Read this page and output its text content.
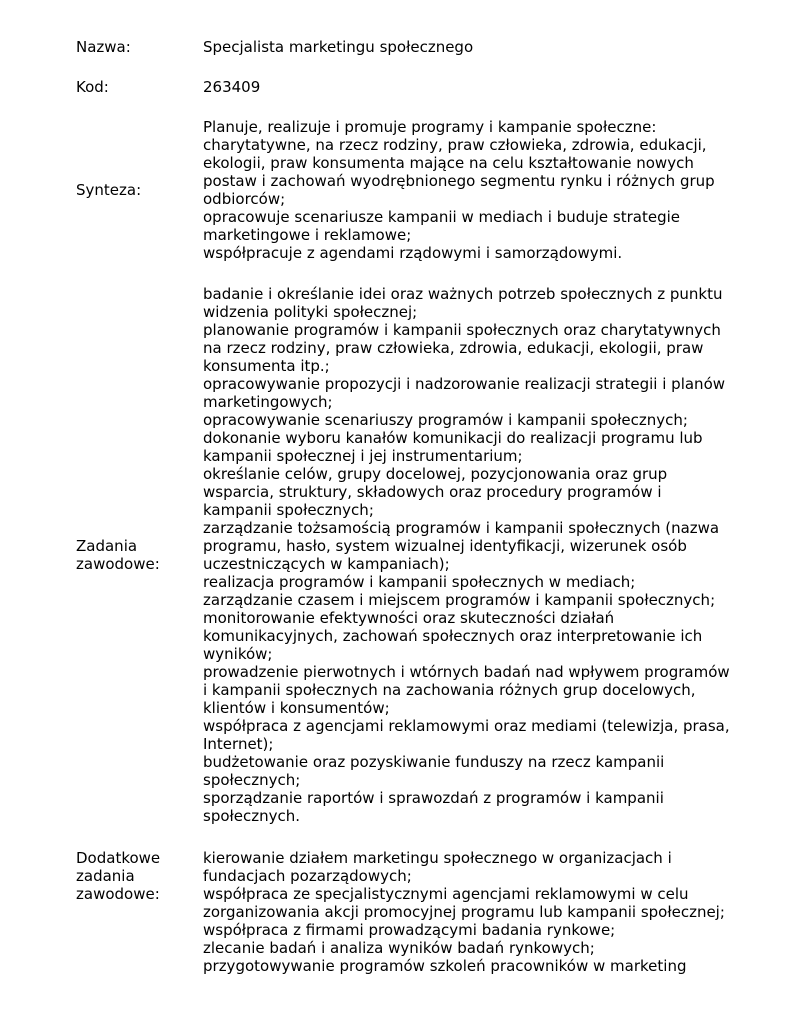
Nazwa:	Specjalista marketingu społecznego
Kod:	263409
Synteza:
Planuje, realizuje i promuje programy i kampanie społeczne:
charytatywne, na rzecz rodziny, praw człowieka, zdrowia, edukacji,
ekologii, praw konsumenta mające na celu kształtowanie nowych
postaw i zachowań wyodrębnionego segmentu rynku i różnych grup
odbiorców;
opracowuje scenariusze kampanii w mediach i buduje strategie
marketingowe i reklamowe;
współpracuje z agendami rządowymi i samorządowymi.
Zadania
zawodowe:
badanie i określanie idei oraz ważnych potrzeb społecznych z punktu
widzenia polityki społecznej;
planowanie programów i kampanii społecznych oraz charytatywnych
na rzecz rodziny, praw człowieka, zdrowia, edukacji, ekologii, praw
konsumenta itp.;
opracowywanie propozycji i nadzorowanie realizacji strategii i planów
marketingowych;
opracowywanie scenariuszy programów i kampanii społecznych;
dokonanie wyboru kanałów komunikacji do realizacji programu lub
kampanii społecznej i jej instrumentarium;
określanie celów, grupy docelowej, pozycjonowania oraz grup
wsparcia, struktury, składowych oraz procedury programów i
kampanii społecznych;
zarządzanie tożsamością programów i kampanii społecznych (nazwa
programu, hasło, system wizualnej identyfikacji, wizerunek osób
uczestniczących w kampaniach);
realizacja programów i kampanii społecznych w mediach;
zarządzanie czasem i miejscem programów i kampanii społecznych;
monitorowanie efektywności oraz skuteczności działań
komunikacyjnych, zachowań społecznych oraz interpretowanie ich
wyników;
prowadzenie pierwotnych i wtórnych badań nad wpływem programów
i kampanii społecznych na zachowania różnych grup docelowych,
klientów i konsumentów;
współpraca z agencjami reklamowymi oraz mediami (telewizja, prasa,
Internet);
budżetowanie oraz pozyskiwanie funduszy na rzecz kampanii
społecznych;
sporządzanie raportów i sprawozdań z programów i kampanii
społecznych.
Dodatkowe
zadania
zawodowe:
kierowanie działem marketingu społecznego w organizacjach i
fundacjach pozarządowych;
współpraca ze specjalistycznymi agencjami reklamowymi w celu
zorganizowania akcji promocyjnej programu lub kampanii społecznej;
współpraca z firmami prowadzącymi badania rynkowe;
zlecanie badań i analiza wyników badań rynkowych;
przygotowywanie programów szkoleń pracowników w marketing
